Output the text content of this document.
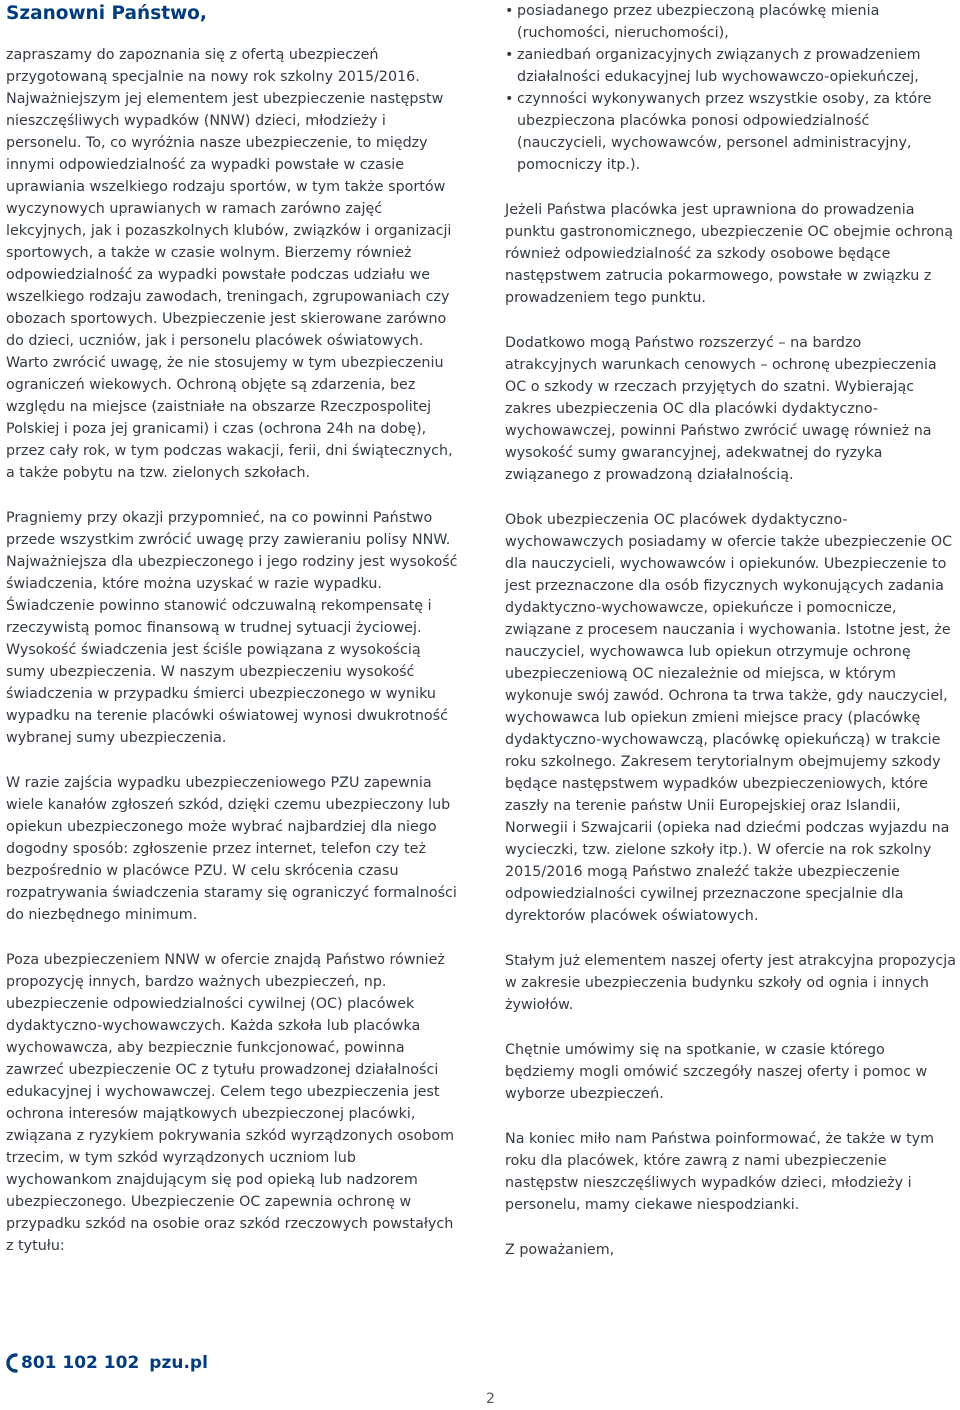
Szanowni Państwo,

zapraszamy do zapoznania się z ofertą ubezpieczeń przygotowaną specjalnie na nowy rok szkolny 2015/2016. Najważniejszym jej elementem jest ubezpieczenie następstw nieszczęśliwych wypadków (NNW) dzieci, młodzieży i personelu. To, co wyróżnia nasze ubezpieczenie, to między innymi odpowiedzialność za wypadki powstałe w czasie uprawiania wszelkiego rodzaju sportów, w tym także sportów wyczynowych uprawianych w ramach zarówno zajęć lekcyjnych, jak i pozaszkolnych klubów, związków i organizacji sportowych, a także w czasie wolnym. Bierzemy również odpowiedzialność za wypadki powstałe podczas udziału we wszelkiego rodzaju zawodach, treningach, zgrupowaniach czy obozach sportowych. Ubezpieczenie jest skierowane zarówno do dzieci, uczniów, jak i personelu placówek oświatowych. Warto zwrócić uwagę, że nie stosujemy w tym ubezpieczeniu ograniczeń wiekowych. Ochroną objęte są zdarzenia, bez względu na miejsce (zaistniałe na obszarze Rzeczpospolitej Polskiej i poza jej granicami) i czas (ochrona 24h na dobę), przez cały rok, w tym podczas wakacji, ferii, dni świątecznych, a także pobytu na tzw. zielonych szkołach.

Pragniemy przy okazji przypomnieć, na co powinni Państwo przede wszystkim zwrócić uwagę przy zawieraniu polisy NNW. Najważniejsza dla ubezpieczonego i jego rodziny jest wysokość świadczenia, które można uzyskać w razie wypadku. Świadczenie powinno stanowić odczuwalną rekompensatę i rzeczywistą pomoc finansową w trudnej sytuacji życiowej. Wysokość świadczenia jest ściśle powiązana z wysokością sumy ubezpieczenia. W naszym ubezpieczeniu wysokość świadczenia w przypadku śmierci ubezpieczonego w wyniku wypadku na terenie placówki oświatowej wynosi dwukrotność wybranej sumy ubezpieczenia.

W razie zajścia wypadku ubezpieczeniowego PZU zapewnia wiele kanałów zgłoszeń szkód, dzięki czemu ubezpieczony lub opiekun ubezpieczonego może wybrać najbardziej dla niego dogodny sposób: zgłoszenie przez internet, telefon czy też bezpośrednio w placówce PZU. W celu skrócenia czasu rozpatrywania świadczenia staramy się ograniczyć formalności do niezbędnego minimum.

Poza ubezpieczeniem NNW w ofercie znajdą Państwo również propozycję innych, bardzo ważnych ubezpieczeń, np. ubezpieczenie odpowiedzialności cywilnej (OC) placówek dydaktyczno-wychowawczych. Każda szkoła lub placówka wychowawcza, aby bezpiecznie funkcjonować, powinna zawrzeć ubezpieczenie OC z tytułu prowadzonej działalności edukacyjnej i wychowawczej. Celem tego ubezpieczenia jest ochrona interesów majątkowych ubezpieczonej placówki, związana z ryzykiem pokrywania szkód wyrządzonych osobom trzecim, w tym szkód wyrządzonych uczniom lub wychowankom znajdującym się pod opieką lub nadzorem ubezpieczonego. Ubezpieczenie OC zapewnia ochronę w przypadku szkód na osobie oraz szkód rzeczowych powstałych z tytułu:

• posiadanego przez ubezpieczoną placówkę mienia (ruchomości, nieruchomości),
• zaniedbań organizacyjnych związanych z prowadzeniem działalności edukacyjnej lub wychowawczo-opiekuńczej,
• czynności wykonywanych przez wszystkie osoby, za które ubezpieczona placówka ponosi odpowiedzialność (nauczycieli, wychowawców, personel administracyjny, pomocniczy itp.).

Jeżeli Państwa placówka jest uprawniona do prowadzenia punktu gastronomicznego, ubezpieczenie OC obejmie ochroną również odpowiedzialność za szkody osobowe będące następstwem zatrucia pokarmowego, powstałe w związku z prowadzeniem tego punktu.

Dodatkowo mogą Państwo rozszerzyć – na bardzo atrakcyjnych warunkach cenowych – ochronę ubezpieczenia OC o szkody w rzeczach przyjętych do szatni. Wybierając zakres ubezpieczenia OC dla placówki dydaktyczno-wychowawczej, powinni Państwo zwrócić uwagę również na wysokość sumy gwarancyjnej, adekwatnej do ryzyka związanego z prowadzoną działalnością.

Obok ubezpieczenia OC placówek dydaktyczno-wychowawczych posiadamy w ofercie także ubezpieczenie OC dla nauczycieli, wychowawców i opiekunów. Ubezpieczenie to jest przeznaczone dla osób fizycznych wykonujących zadania dydaktyczno-wychowawcze, opiekuńcze i pomocnicze, związane z procesem nauczania i wychowania. Istotne jest, że nauczyciel, wychowawca lub opiekun otrzymuje ochronę ubezpieczeniową OC niezależnie od miejsca, w którym wykonuje swój zawód. Ochrona ta trwa także, gdy nauczyciel, wychowawca lub opiekun zmieni miejsce pracy (placówkę dydaktyczno-wychowawczą, placówkę opiekuńczą) w trakcie roku szkolnego. Zakresem terytorialnym obejmujemy szkody będące następstwem wypadków ubezpieczeniowych, które zaszły na terenie państw Unii Europejskiej oraz Islandii, Norwegii i Szwajcarii (opieka nad dziećmi podczas wyjazdu na wycieczki, tzw. zielone szkoły itp.). W ofercie na rok szkolny 2015/2016 mogą Państwo znaleźć także ubezpieczenie odpowiedzialności cywilnej przeznaczone specjalnie dla dyrektorów placówek oświatowych.

Stałym już elementem naszej oferty jest atrakcyjna propozycja w zakresie ubezpieczenia budynku szkoły od ognia i innych żywiołów.

Chętnie umówimy się na spotkanie, w czasie którego będziemy mogli omówić szczegóły naszej oferty i pomoc w wyborze ubezpieczeń.

Na koniec miło nam Państwa poinformować, że także w tym roku dla placówek, które zawrą z nami ubezpieczenie następstw nieszczęśliwych wypadków dzieci, młodzieży i personelu, mamy ciekawe niespodzianki.

Z poważaniem,

801 102 102 pzu.pl
2
